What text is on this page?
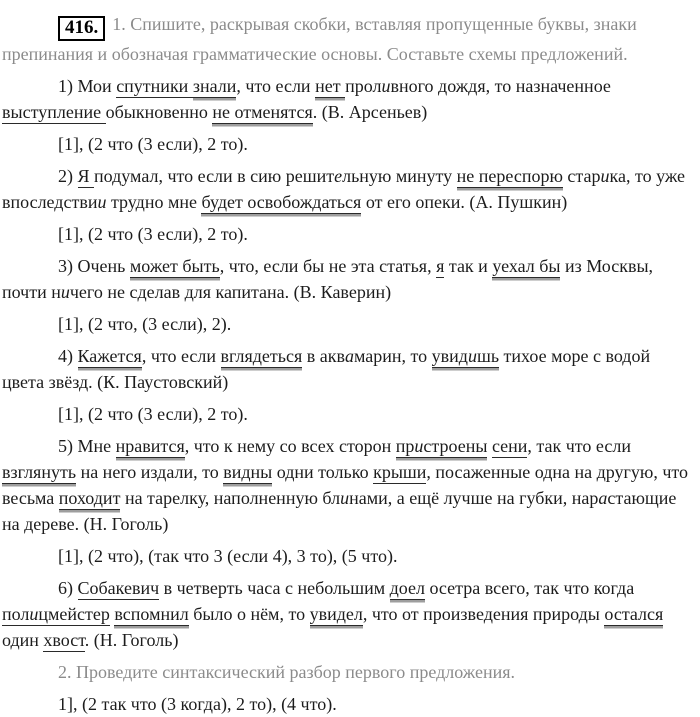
416. 1. Спишите, раскрывая скобки, вставляя пропущенные буквы, знаки препинания и обозначая грамматические основы. Составьте схемы предложений.

1) Мои спутники знали, что если нет проливного дождя, то назначенное выступление обыкновенно не отменятся. (В. Арсеньев)

[1], (2 что (3 если), 2 то).

2) Я подумал, что если в сию решительную минуту не переспорю старика, то уже впоследствии трудно мне будет освобождаться от его опеки. (А. Пушкин)

[1], (2 что (3 если), 2 то).

3) Очень может быть, что, если бы не эта статья, я так и уехал бы из Москвы, почти ничего не сделав для капитана. (В. Каверин)

[1], (2 что, (3 если), 2).

4) Кажется, что если вглядеться в аквамарин, то увидишь тихое море с водой цвета звёзд. (К. Паустовский)

[1], (2 что (3 если), 2 то).

5) Мне нравится, что к нему со всех сторон пристроены сени, так что если взглянуть на него издали, то видны одни только крыши, посаженные одна на другую, что весьма походит на тарелку, наполненную блинами, а ещё лучше на губки, нарастающие на дереве. (Н. Гоголь)

[1], (2 что), (так что 3 (если 4), 3 то), (5 что).

6) Собакевич в четверть часа с небольшим доел осетра всего, так что когда полицмейстер вспомнил было о нём, то увидел, что от произведения природы остался один хвост. (Н. Гоголь)

2. Проведите синтаксический разбор первого предложения.

1], (2 так что (3 когда), 2 то), (4 что).
